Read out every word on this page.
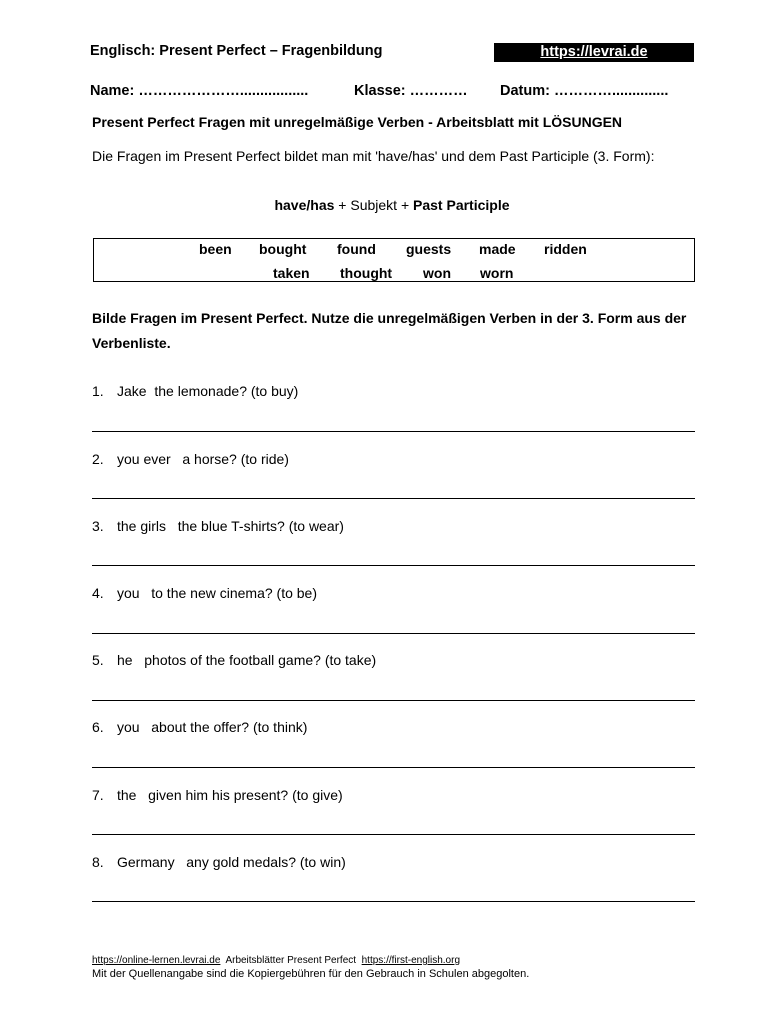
Englisch: Present Perfect – Fragenbildung	https://levrai.de
Name: ………………….................	Klasse: ………… Datum: …………..............
Present Perfect Fragen mit unregelmäßige Verben - Arbeitsblatt mit LÖSUNGEN
Die Fragen im Present Perfect bildet man mit 'have/has' und dem Past Participle (3. Form):
have/has + Subjekt + Past Participle
been bought found guests made ridden
taken thought won worn
Bilde Fragen im Present Perfect. Nutze die unregelmäßigen Verben in der 3. Form aus der Verbenliste.
1. Jake  the lemonade? (to buy)
2. you ever   a horse? (to ride)
3. the girls   the blue T-shirts? (to wear)
4. you   to the new cinema? (to be)
5. he   photos of the football game? (to take)
6. you   about the offer? (to think)
7. the   given him his present? (to give)
8. Germany   any gold medals? (to win)
https://online-lernen.levrai.de Arbeitsblätter Present Perfect https://first-english.org
Mit der Quellenangabe sind die Kopiergebühren für den Gebrauch in Schulen abgegolten.
